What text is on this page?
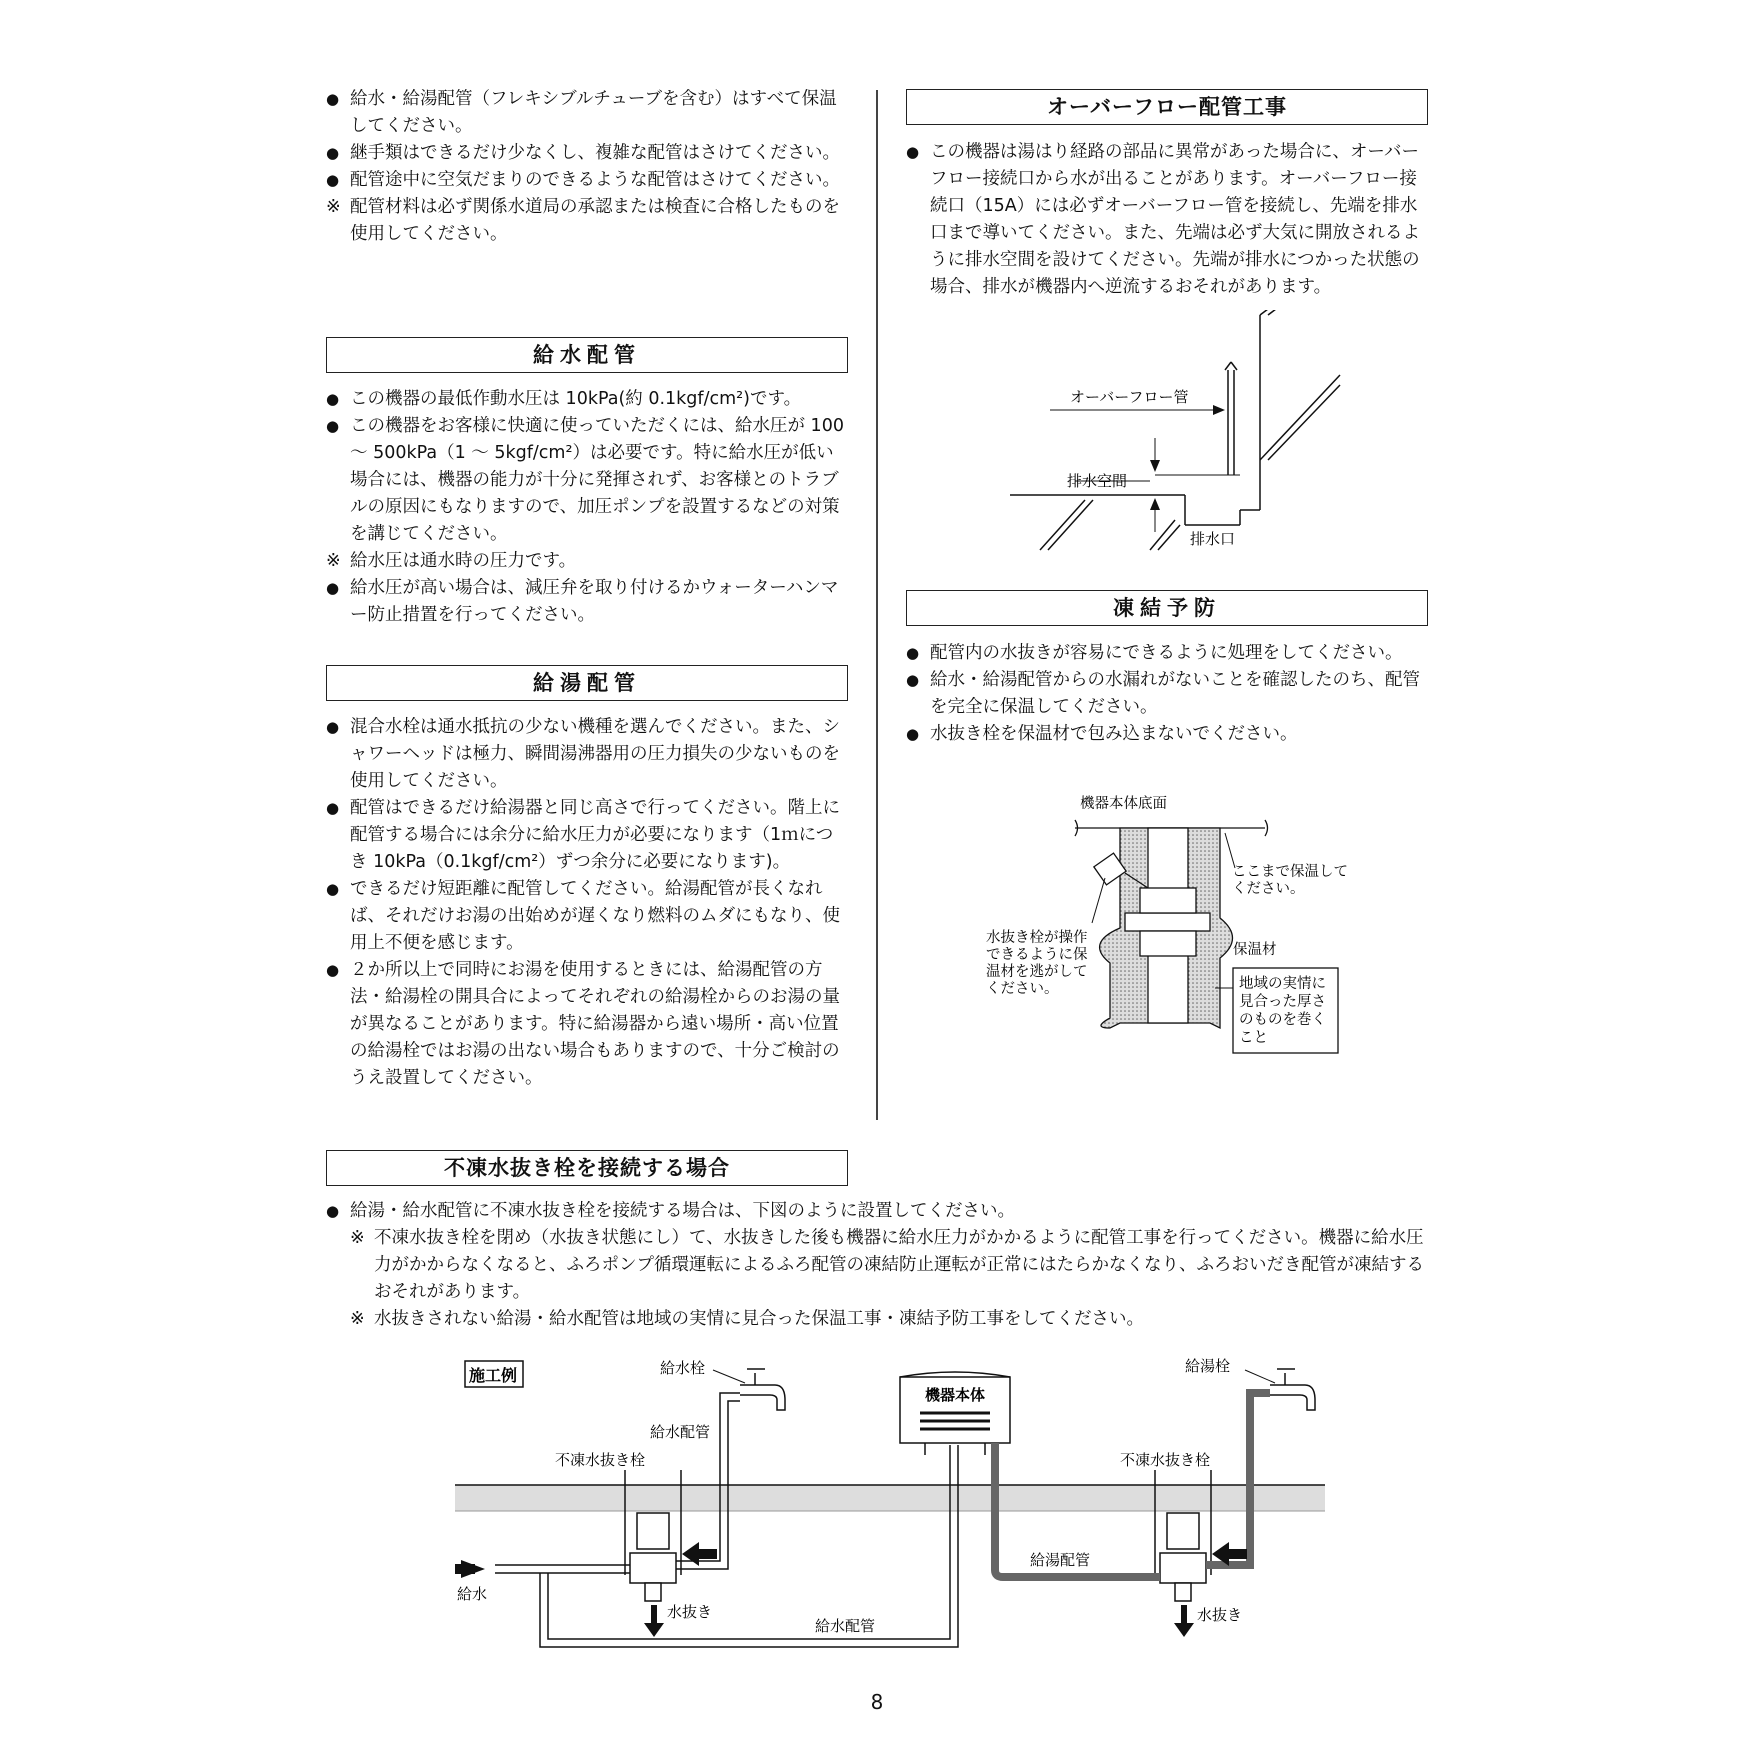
● 給水・給湯配管（フレキシブルチューブを含む）はすべて保温してください。
● 継手類はできるだけ少なくし、複雑な配管はさけてください。
● 配管途中に空気だまりのできるような配管はさけてください。
※ 配管材料は必ず関係水道局の承認または検査に合格したものを使用してください。
給水配管
● この機器の最低作動水圧は 10kPa(約 0.1kgf/cm²)です。
● この機器をお客様に快適に使っていただくには、給水圧が 100 ～ 500kPa（1 ～ 5kgf/cm²）は必要です。特に給水圧が低い場合には、機器の能力が十分に発揮されず、お客様とのトラブルの原因にもなりますので、加圧ポンプを設置するなどの対策を講じてください。
※ 給水圧は通水時の圧力です。
● 給水圧が高い場合は、減圧弁を取り付けるかウォーターハンマー防止措置を行ってください。
給湯配管
● 混合水栓は通水抵抗の少ない機種を選んでください。また、シャワーヘッドは極力、瞬間湯沸器用の圧力損失の少ないものを使用してください。
● 配管はできるだけ給湯器と同じ高さで行ってください。階上に配管する場合には余分に給水圧力が必要になります（1ｍにつき 10kPa（0.1kgf/cm²）ずつ余分に必要になります)。
● できるだけ短距離に配管してください。給湯配管が長くなれば、それだけお湯の出始めが遅くなり燃料のムダにもなり、使用上不便を感じます。
● ２か所以上で同時にお湯を使用するときには、給湯配管の方法・給湯栓の開具合によってそれぞれの給湯栓からのお湯の量が異なることがあります。特に給湯器から遠い場所・高い位置の給湯栓ではお湯の出ない場合もありますので、十分ご検討のうえ設置してください。
オーバーフロー配管工事
● この機器は湯はり経路の部品に異常があった場合に、オーバーフロー接続口から水が出ることがあります。オーバーフロー接続口（15A）には必ずオーバーフロー管を接続し、先端を排水口まで導いてください。また、先端は必ず大気に開放されるように排水空間を設けてください。先端が排水につかった状態の場合、排水が機器内へ逆流するおそれがあります。
オーバーフロー管
排水空間
排水口
凍結予防
● 配管内の水抜きが容易にできるように処理をしてください。
● 給水・給湯配管からの水漏れがないことを確認したのち、配管を完全に保温してください。
● 水抜き栓を保温材で包み込まないでください。
機器本体底面
ここまで保温して
ください。
水抜き栓が操作
できるように保
温材を逃がして
ください。
保温材
地域の実情に
見合った厚さ
のものを巻く
こと
不凍水抜き栓を接続する場合
● 給湯・給水配管に不凍水抜き栓を接続する場合は、下図のように設置してください。
※ 不凍水抜き栓を閉め（水抜き状態にし）て、水抜きした後も機器に給水圧力がかかるように配管工事を行ってください。機器に給水圧力がかからなくなると、ふろポンプ循環運転によるふろ配管の凍結防止運転が正常にはたらかなくなり、ふろおいだき配管が凍結するおそれがあります。
※ 水抜きされない給湯・給水配管は地域の実情に見合った保温工事・凍結予防工事をしてください。
施工例	給水栓
給水配管
不凍水抜き栓
給水
水抜き
給水配管
機器本体
給湯栓
不凍水抜き栓
給湯配管
水抜き
8
